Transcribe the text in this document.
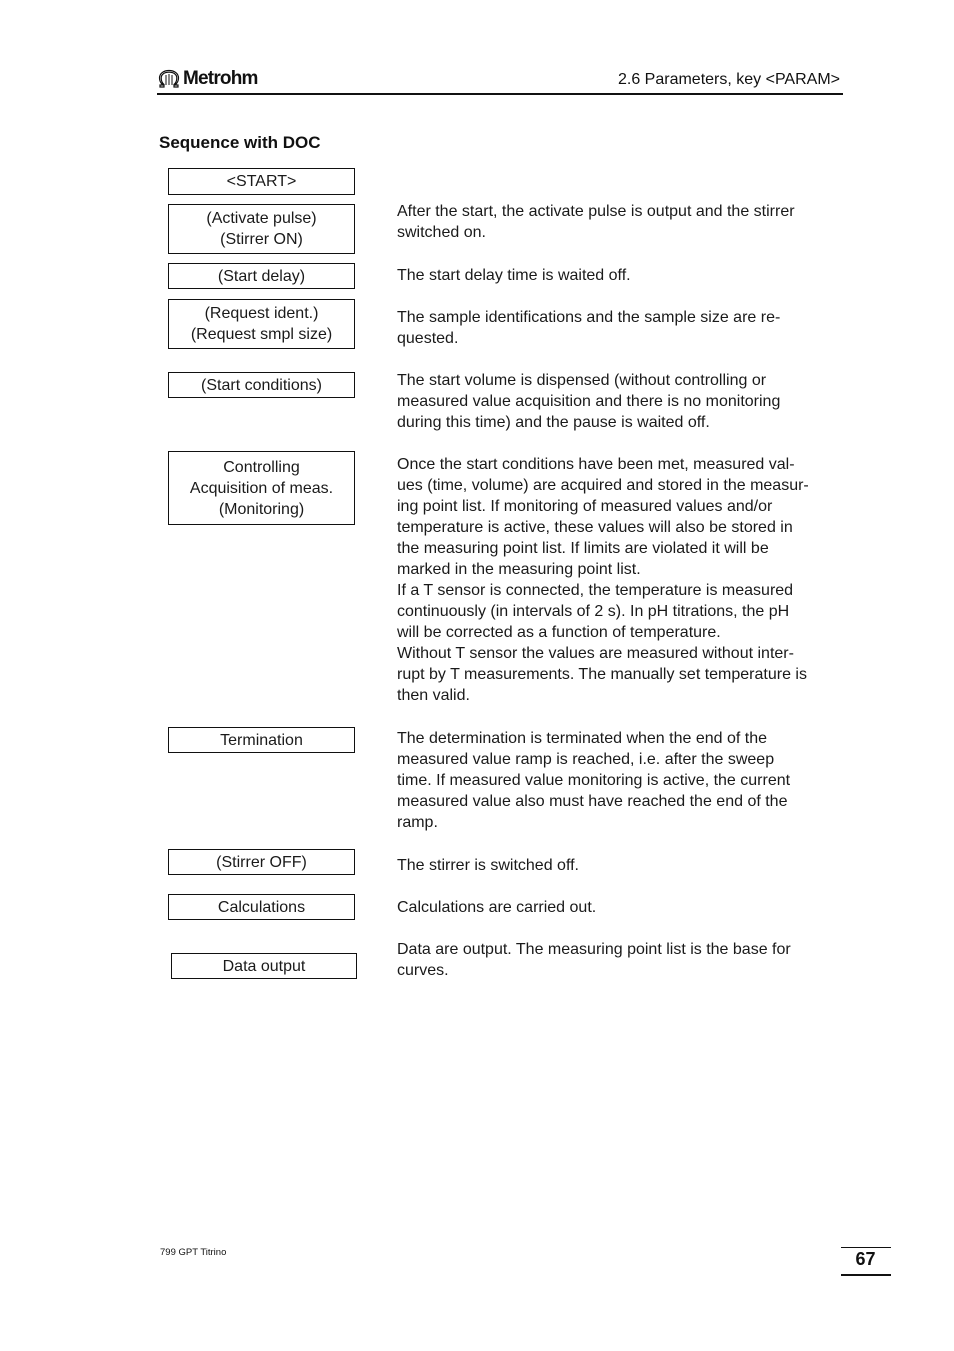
Metrohm	2.6 Parameters, key <PARAM>
Sequence with DOC
<START>
(Activate pulse)
(Stirrer ON)
(Start delay)
(Request ident.)
(Request smpl size)
(Start conditions)
Controlling
Acquisition of meas.
(Monitoring)
Termination
(Stirrer OFF)
Calculations
Data output
After the start, the activate pulse is output and the stirrer
switched on.
The start delay time is waited off.
The sample identifications and the sample size are re-
quested.
The start volume is dispensed (without controlling or
measured value acquisition and there is no monitoring
during this time) and the pause is waited off.
Once the start conditions have been met, measured val-
ues (time, volume) are acquired and stored in the measur-
ing point list. If monitoring of measured values and/or
temperature is active, these values will also be stored in
the measuring point list. If limits are violated it will be
marked in the measuring point list.
If a T sensor is connected, the temperature is measured
continuously (in intervals of 2 s). In pH titrations, the pH
will be corrected as a function of temperature.
Without T sensor the values are measured without inter-
rupt by T measurements. The manually set temperature is
then valid.
The determination is terminated when the end of the
measured value ramp is reached, i.e. after the sweep
time. If measured value monitoring is active, the current
measured value also must have reached the end of the
ramp.
The stirrer is switched off.
Calculations are carried out.
Data are output. The measuring point list is the base for
curves.
799 GPT Titrino	67
